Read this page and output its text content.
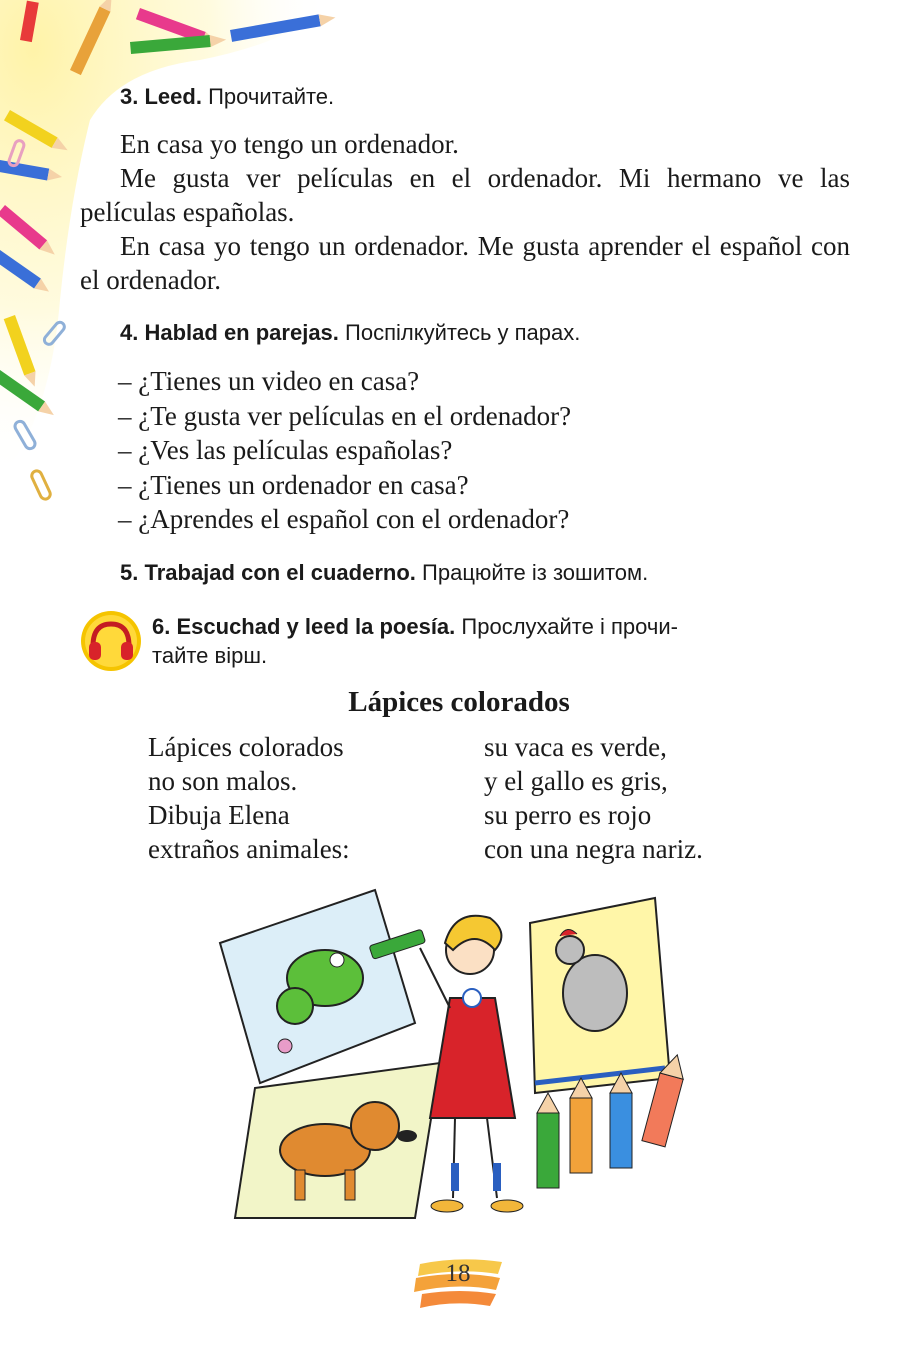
3. Leed. Прочитайте.

En casa yo tengo un ordenador.

Me gusta ver películas en el ordenador. Mi hermano ve las películas españolas.

En casa yo tengo un ordenador. Me gusta aprender el español con el ordenador.

4. Hablad en parejas. Поспілкуйтесь у парах.
– ¿Tienes un video en casa?
– ¿Te gusta ver películas en el ordenador?
– ¿Ves las películas españolas?
– ¿Tienes un ordenador en casa?
– ¿Aprendes el español con el ordenador?
5. Trabajad con el cuaderno. Працюйте із зошитом.
6. Escuchad y leed la poesía. Прослухайте і прочи-
тайте вірш.
Lápices colorados
Lápices colorados
no son malos.
Dibuja Elena
extraños animales:
su vaca es verde,
y el gallo es gris,
su perro es rojo
con una negra nariz.
18
